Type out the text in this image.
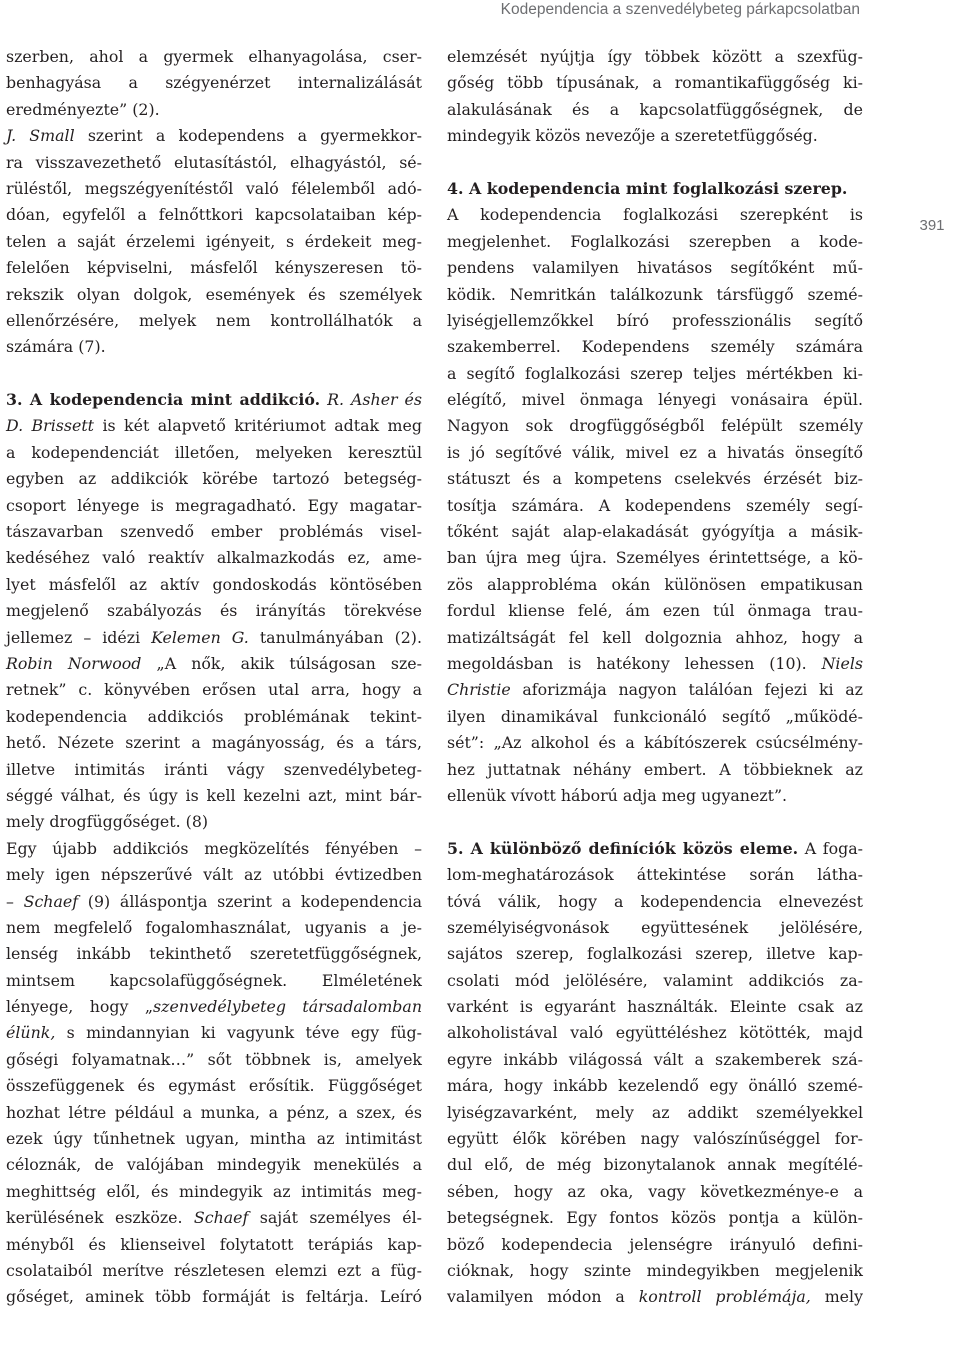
Kodependencia a szenvedélybeteg párkapcsolatban
391
szerben, ahol a gyermek elhanyagolása, cser-
benhagyása a szégyenérzet internalizálását
eredményezte” (2).
J. Small szerint a kodependens a gyermekkor-
ra visszavezethető elutasítástól, elhagyástól, sé-
rüléstől, megszégyenítéstől való félelemből adó-
dóan, egyfelől a felnőttkori kapcsolataiban kép-
telen a saját érzelemi igényeit, s érdekeit meg-
felelően képviselni, másfelől kényszeresen tö-
rekszik olyan dolgok, események és személyek
ellenőrzésére, melyek nem kontrollálhatók a
számára (7).
3. A kodependencia mint addikció. R. Asher és
D. Brissett is két alapvető kritériumot adtak meg
a kodependenciát illetően, melyeken keresztül
egyben az addikciók körébe tartozó betegség-
csoport lényege is megragadható. Egy magatar-
tászavarban szenvedő ember problémás visel-
kedéséhez való reaktív alkalmazkodás ez, ame-
lyet másfelől az aktív gondoskodás köntösében
megjelenő szabályozás és irányítás törekvése
jellemez – idézi Kelemen G. tanulmányában (2).
Robin Norwood „A nők, akik túlságosan sze-
retnek” c. könyvében erősen utal arra, hogy a
kodependencia addikciós problémának tekint-
hető. Nézete szerint a magányosság, és a társ,
illetve intimitás iránti vágy szenvedélybeteg-
séggé válhat, és úgy is kell kezelni azt, mint bár-
mely drogfüggőséget. (8)
Egy újabb addikciós megközelítés fényében –
mely igen népszerűvé vált az utóbbi évtizedben
– Schaef (9) álláspontja szerint a kodependencia
nem megfelelő fogalomhasználat, ugyanis a je-
lenség inkább tekinthető szeretetfüggőségnek,
mintsem kapcsolafüggőségnek. Elméletének
lényege, hogy „szenvedélybeteg társadalomban
élünk, s mindannyian ki vagyunk téve egy füg-
gőségi folyamatnak…” sőt többnek is, amelyek
összefüggenek és egymást erősítik. Függőséget
hozhat létre például a munka, a pénz, a szex, és
ezek úgy tűnhetnek ugyan, mintha az intimitást
céloznák, de valójában mindegyik menekülés a
meghittség elől, és mindegyik az intimitás meg-
kerülésének eszköze. Schaef saját személyes él-
ményből és klienseivel folytatott terápiás kap-
csolataiból merítve részletesen elemzi ezt a füg-
gőséget, aminek több formáját is feltárja. Leíró
elemzését nyújtja így többek között a szexfüg-
gőség több típusának, a romantikafüggőség ki-
alakulásának és a kapcsolatfüggőségnek, de
mindegyik közös nevezője a szeretetfüggőség.
4. A kodependencia mint foglalkozási szerep.
A kodependencia foglalkozási szerepként is
megjelenhet. Foglalkozási szerepben a kode-
pendens valamilyen hivatásos segítőként mű-
ködik. Nemritkán találkozunk társfüggő szemé-
lyiségjellemzőkkel bíró professzionális segítő
szakemberrel. Kodependens személy számára
a segítő foglalkozási szerep teljes mértékben ki-
elégítő, mivel önmaga lényegi vonásaira épül.
Nagyon sok drogfüggőségből felépült személy
is jó segítővé válik, mivel ez a hivatás önsegítő
státuszt és a kompetens cselekvés érzését biz-
tosítja számára. A kodependens személy segí-
tőként saját alap-elakadását gyógyítja a másik-
ban újra meg újra. Személyes érintettsége, a kö-
zös alapprobléma okán különösen empatikusan
fordul kliense felé, ám ezen túl önmaga trau-
matizáltságát fel kell dolgoznia ahhoz, hogy a
megoldásban is hatékony lehessen (10). Niels
Christie aforizmája nagyon találóan fejezi ki az
ilyen dinamikával funkcionáló segítő „működé-
sét”: „Az alkohol és a kábítószerek csúcsélmény-
hez juttatnak néhány embert. A többieknek az
ellenük vívott háború adja meg ugyanezt”.
5. A különböző definíciók közös eleme. A foga-
lom-meghatározások áttekintése során látha-
tóvá válik, hogy a kodependencia elnevezést
személyiségvonások együttesének jelölésére,
sajátos szerep, foglalkozási szerep, illetve kap-
csolati mód jelölésére, valamint addikciós za-
varként is egyaránt használták. Eleinte csak az
alkoholistával való együttéléshez kötötték, majd
egyre inkább világossá vált a szakemberek szá-
mára, hogy inkább kezelendő egy önálló szemé-
lyiségzavarként, mely az addikt személyekkel
együtt élők körében nagy valószínűséggel for-
dul elő, de még bizonytalanok annak megítélé-
sében, hogy az oka, vagy következménye-e a
betegségnek. Egy fontos közös pontja a külön-
böző kodependecia jelenségre irányuló defini-
cióknak, hogy szinte mindegyikben megjelenik
valamilyen módon a kontroll problémája, mely
